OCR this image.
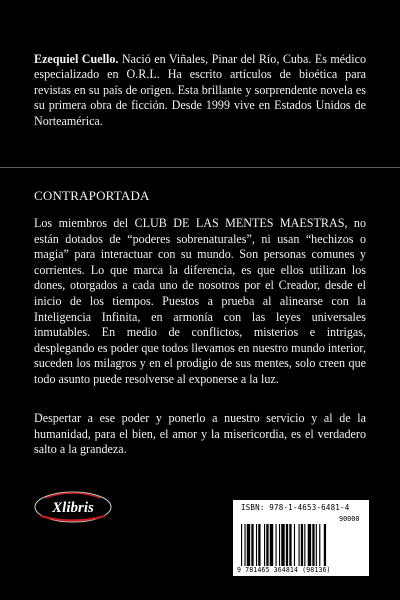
Ezequiel Cuello. Nació en Viñales, Pinar del Río, Cuba. Es médico especializado en O.R.L. Ha escrito artículos de bioética para revistas en su país de origen. Esta brillante y sorprendente novela es su primera obra de ficción. Desde 1999 vive en Estados Unidos de Norteamérica.

CONTRAPORTADA

Los miembros del CLUB DE LAS MENTES MAESTRAS, no están dotados de “poderes sobrenaturales”, ni usan “hechizos o magia” para interactuar con su mundo. Son personas comunes y corrientes. Lo que marca la diferencia, es que ellos utilizan los dones, otorgados a cada uno de nosotros por el Creador, desde el inicio de los tiempos. Puestos a prueba al alinearse con la Inteligencia Infinita, en armonía con las leyes universales inmutables. En medio de conflictos, misterios e intrigas, desplegando es poder que todos llevamos en nuestro mundo interior, suceden los milagros y en el prodigio de sus mentes, solo creen que todo asunto puede resolverse al exponerse a la luz.

Despertar a ese poder y ponerlo a nuestro servicio y al de la humanidad, para el bien, el amor y la misericordia, es el verdadero salto a la grandeza.

Xlibris	ISBN: 978-1-4653-6481-4
90000
9 781465 364814 (98136)
